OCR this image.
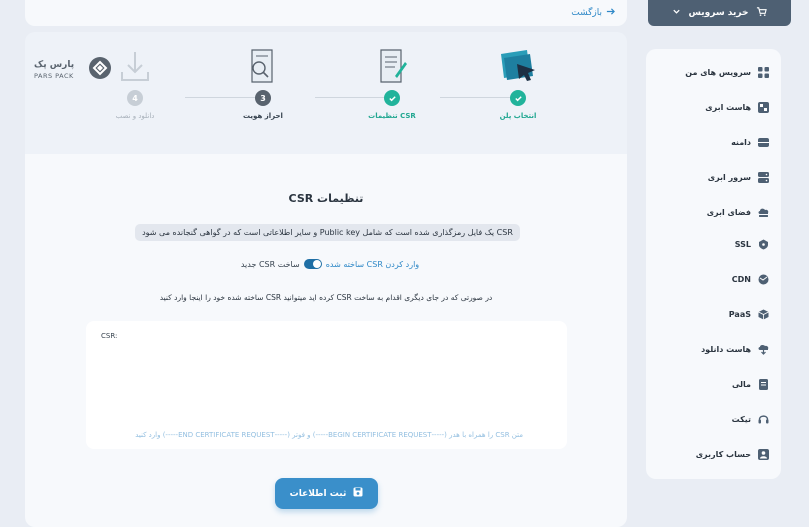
بازگشت
پارس پک
PARS PACK
انتخاب پلن
تنظیمات CSR
3
احراز هویت
4
دانلود و نصب
تنظیمات CSR
CSR یک فایل رمزگذاری شده است که شامل Public key و سایر اطلاعاتی است که در گواهی گنجانده می شود
وارد کردن CSR ساخته شده
ساخت CSR جدید
در صورتی که در جای دیگری اقدام به ساخت CSR کرده اید میتوانید CSR ساخته شده خود را اینجا وارد کنید
CSR:
متن CSR را همراه با هدر (-----BEGIN CERTIFICATE REQUEST-----) و فوتر (-----END CERTIFICATE REQUEST-----) وارد کنید
ثبت اطلاعات
خرید سرویس
سرویس های من
هاست ابری
دامنه
سرور ابری
فضای ابری
SSL
CDN
PaaS
هاست دانلود
مالی
تیکت
حساب کاربری
